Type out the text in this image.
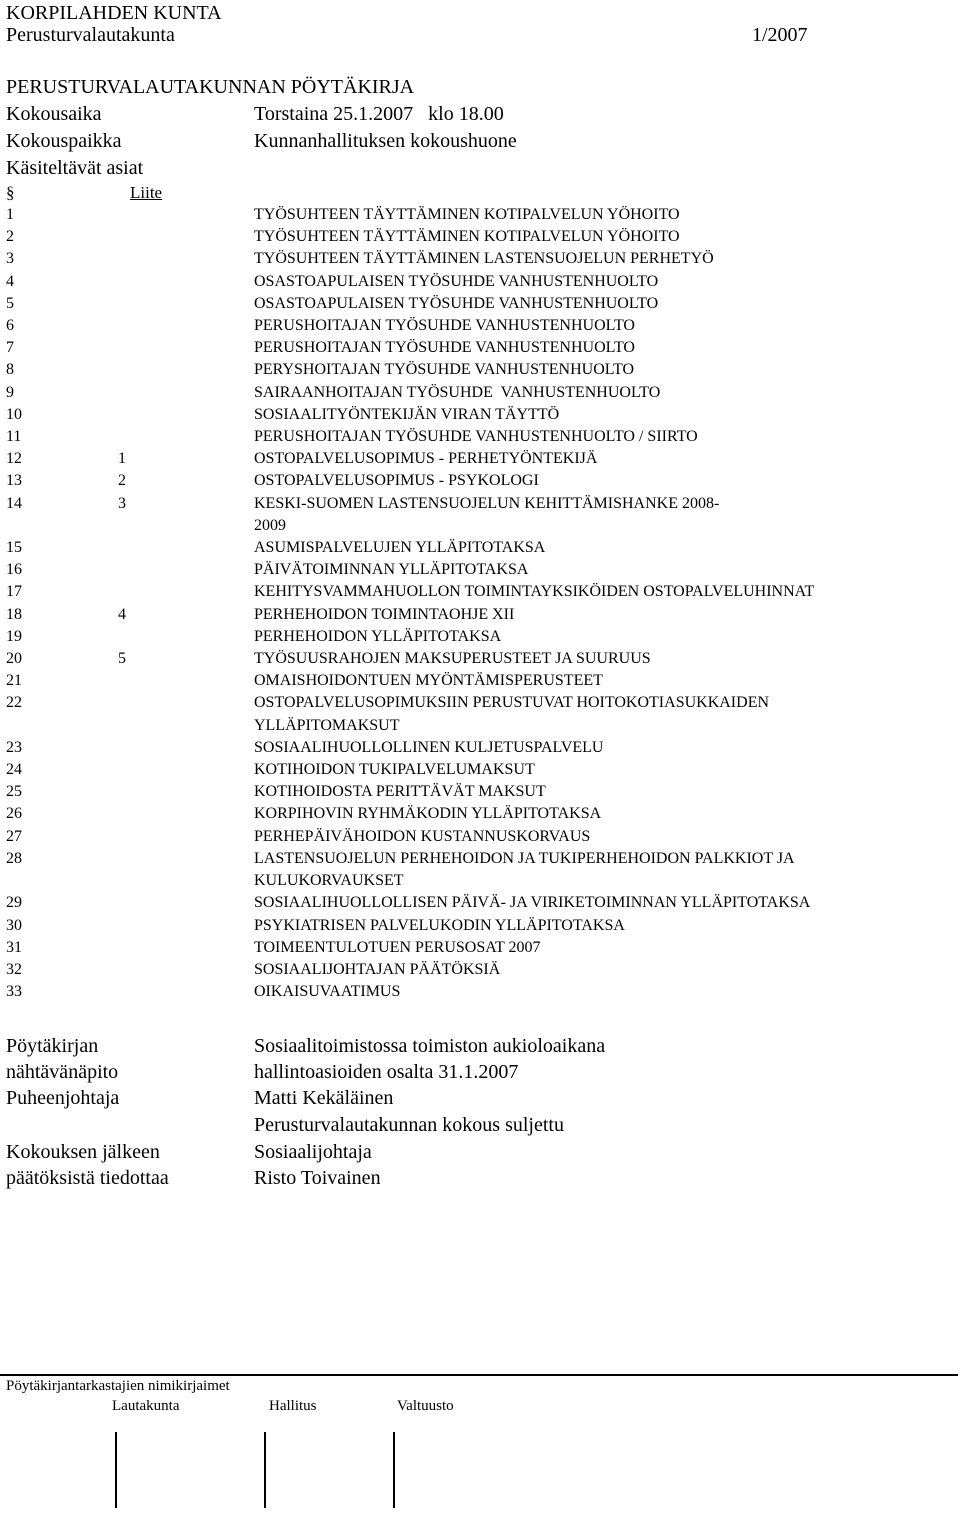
KORPILAHDEN KUNTA
Perusturvalautakunta	1/2007
PERUSTURVALAUTAKUNNAN PÖYTÄKIRJA
Kokousaika	Torstaina 25.1.2007   klo 18.00
Kokouspaikka	Kunnanhallituksen kokoushuone
Käsiteltävät asiat
§	Liite
1	TYÖSUHTEEN TÄYTTÄMINEN KOTIPALVELUN YÖHOITO
2	TYÖSUHTEEN TÄYTTÄMINEN KOTIPALVELUN YÖHOITO
3	TYÖSUHTEEN TÄYTTÄMINEN LASTENSUOJELUN PERHETYÖ
4	OSASTOAPULAISEN TYÖSUHDE VANHUSTENHUOLTO
5	OSASTOAPULAISEN TYÖSUHDE VANHUSTENHUOLTO
6	PERUSHOITAJAN TYÖSUHDE VANHUSTENHUOLTO
7	PERUSHOITAJAN TYÖSUHDE VANHUSTENHUOLTO
8	PERYSHOITAJAN TYÖSUHDE VANHUSTENHUOLTO
9	SAIRAANHOITAJAN TYÖSUHDE  VANHUSTENHUOLTO
10	SOSIAALITYÖNTEKIJÄN VIRAN TÄYTTÖ
11	PERUSHOITAJAN TYÖSUHDE VANHUSTENHUOLTO / SIIRTO
12	1	OSTOPALVELUSOPIMUS - PERHETYÖNTEKIJÄ
13	2	OSTOPALVELUSOPIMUS - PSYKOLOGI
14	3	KESKI-SUOMEN LASTENSUOJELUN KEHITTÄMISHANKE 2008-
2009
15	ASUMISPALVELUJEN YLLÄPITOTAKSA
16	PÄIVÄTOIMINNAN YLLÄPITOTAKSA
17	KEHITYSVAMMAHUOLLON TOIMINTAYKSIKÖIDEN OSTOPALVELUHINNAT
18	4	PERHEHOIDON TOIMINTAOHJE XII
19	PERHEHOIDON YLLÄPITOTAKSA
20	5	TYÖSUUSRAHOJEN MAKSUPERUSTEET JA SUURUUS
21	OMAISHOIDONTUEN MYÖNTÄMISPERUSTEET
22	OSTOPALVELUSOPIMUKSIIN PERUSTUVAT HOITOKOTIASUKKAIDEN
YLLÄPITOMAKSUT
23	SOSIAALIHUOLLOLLINEN KULJETUSPALVELU
24	KOTIHOIDON TUKIPALVELUMAKSUT
25	KOTIHOIDOSTA PERITTÄVÄT MAKSUT
26	KORPIHOVIN RYHMÄKODIN YLLÄPITOTAKSA
27	PERHEPÄIVÄHOIDON KUSTANNUSKORVAUS
28	LASTENSUOJELUN PERHEHOIDON JA TUKIPERHEHOIDON PALKKIOT JA
KULUKORVAUKSET
29	SOSIAALIHUOLLOLLISEN PÄIVÄ- JA VIRIKETOIMINNAN YLLÄPITOTAKSA
30	PSYKIATRISEN PALVELUKODIN YLLÄPITOTAKSA
31	TOIMEENTULOTUEN PERUSOSAT 2007
32	SOSIAALIJOHTAJAN PÄÄTÖKSIÄ
33	OIKAISUVAATIMUS
Pöytäkirjan	Sosiaalitoimistossa toimiston aukioloaikana
nähtävänäpito	hallintoasioiden osalta 31.1.2007
Puheenjohtaja	Matti Kekäläinen
Perusturvalautakunnan kokous suljettu
Kokouksen jälkeen	Sosiaalijohtaja
päätöksistä tiedottaa	Risto Toivainen
Pöytäkirjantarkastajien nimikirjaimet
Lautakunta	Hallitus	Valtuusto
